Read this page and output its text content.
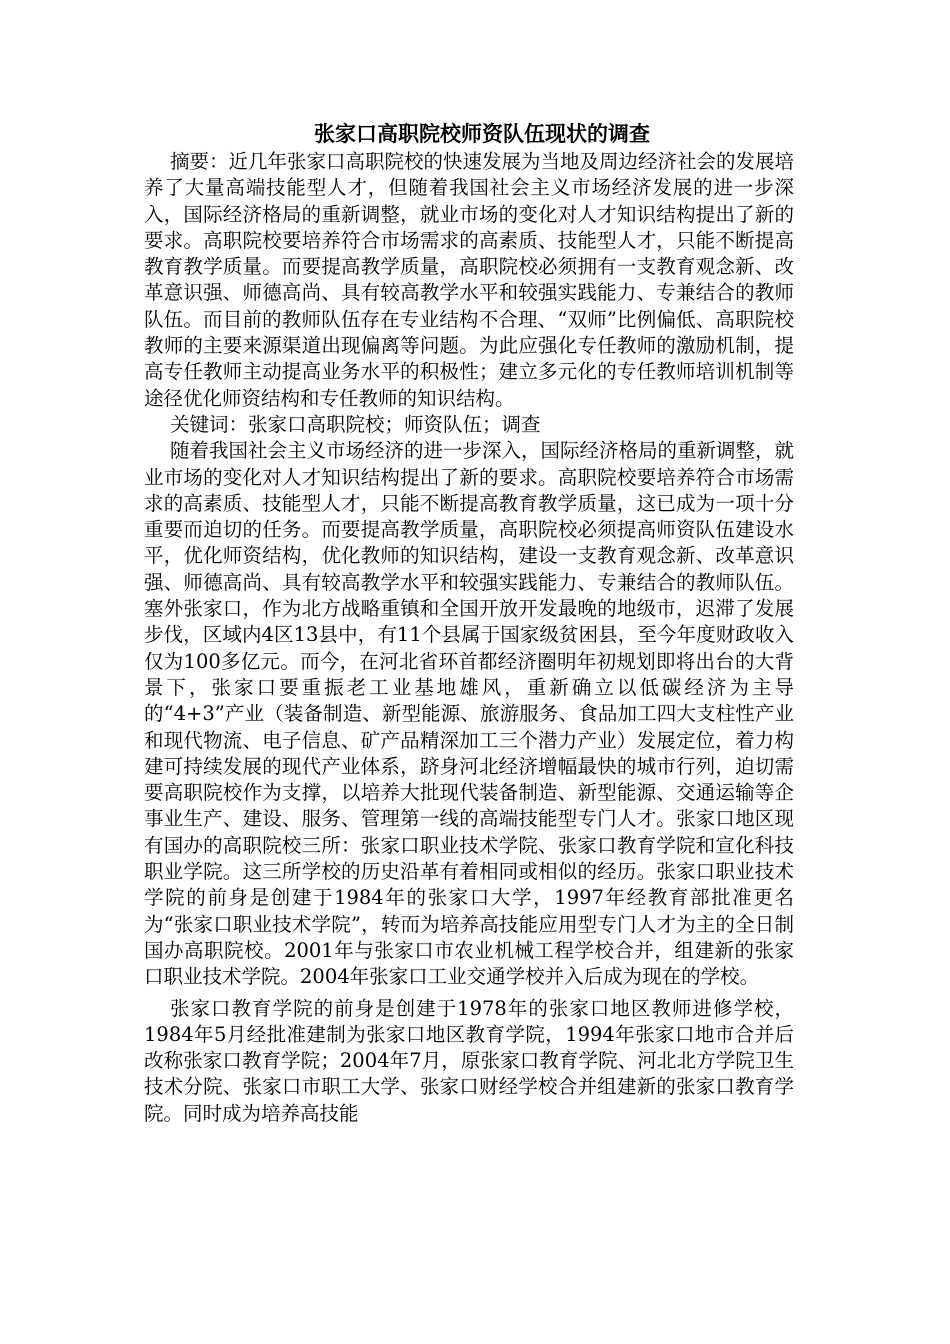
张家口高职院校师资队伍现状的调查

摘要：近几年张家口高职院校的快速发展为当地及周边经济社会的发展培养了大量高端技能型人才，但随着我国社会主义市场经济发展的进一步深入，国际经济格局的重新调整，就业市场的变化对人才知识结构提出了新的要求。高职院校要培养符合市场需求的高素质、技能型人才，只能不断提高教育教学质量。而要提高教学质量，高职院校必须拥有一支教育观念新、改革意识强、师德高尚、具有较高教学水平和较强实践能力、专兼结合的教师队伍。而目前的教师队伍存在专业结构不合理、“双师”比例偏低、高职院校教师的主要来源渠道出现偏离等问题。为此应强化专任教师的激励机制，提高专任教师主动提高业务水平的积极性；建立多元化的专任教师培训机制等途径优化师资结构和专任教师的知识结构。

关键词：张家口高职院校；师资队伍；调查

随着我国社会主义市场经济的进一步深入，国际经济格局的重新调整，就业市场的变化对人才知识结构提出了新的要求。高职院校要培养符合市场需求的高素质、技能型人才，只能不断提高教育教学质量，这已成为一项十分重要而迫切的任务。而要提高教学质量，高职院校必须提高师资队伍建设水平，优化师资结构，优化教师的知识结构，建设一支教育观念新、改革意识强、师德高尚、具有较高教学水平和较强实践能力、专兼结合的教师队伍。塞外张家口，作为北方战略重镇和全国开放开发最晚的地级市，迟滞了发展步伐，区域内4区13县中，有11个县属于国家级贫困县，至今年度财政收入仅为100多亿元。而今，在河北省环首都经济圈明年初规划即将出台的大背景下，张家口要重振老工业基地雄风，重新确立以低碳经济为主导的“4+3”产业（装备制造、新型能源、旅游服务、食品加工四大支柱性产业和现代物流、电子信息、矿产品精深加工三个潜力产业）发展定位，着力构建可持续发展的现代产业体系，跻身河北经济增幅最快的城市行列，迫切需要高职院校作为支撑，以培养大批现代装备制造、新型能源、交通运输等企事业生产、建设、服务、管理第一线的高端技能型专门人才。张家口地区现有国办的高职院校三所：张家口职业技术学院、张家口教育学院和宣化科技职业学院。这三所学校的历史沿革有着相同或相似的经历。张家口职业技术学院的前身是创建于1984年的张家口大学，1997年经教育部批准更名为“张家口职业技术学院”，转而为培养高技能应用型专门人才为主的全日制国办高职院校。2001年与张家口市农业机械工程学校合并，组建新的张家口职业技术学院。2004年张家口工业交通学校并入后成为现在的学校。

张家口教育学院的前身是创建于1978年的张家口地区教师进修学校，1984年5月经批准建制为张家口地区教育学院，1994年张家口地市合并后改称张家口教育学院；2004年7月，原张家口教育学院、河北北方学院卫生技术分院、张家口市职工大学、张家口财经学校合并组建新的张家口教育学院。同时成为培养高技能
